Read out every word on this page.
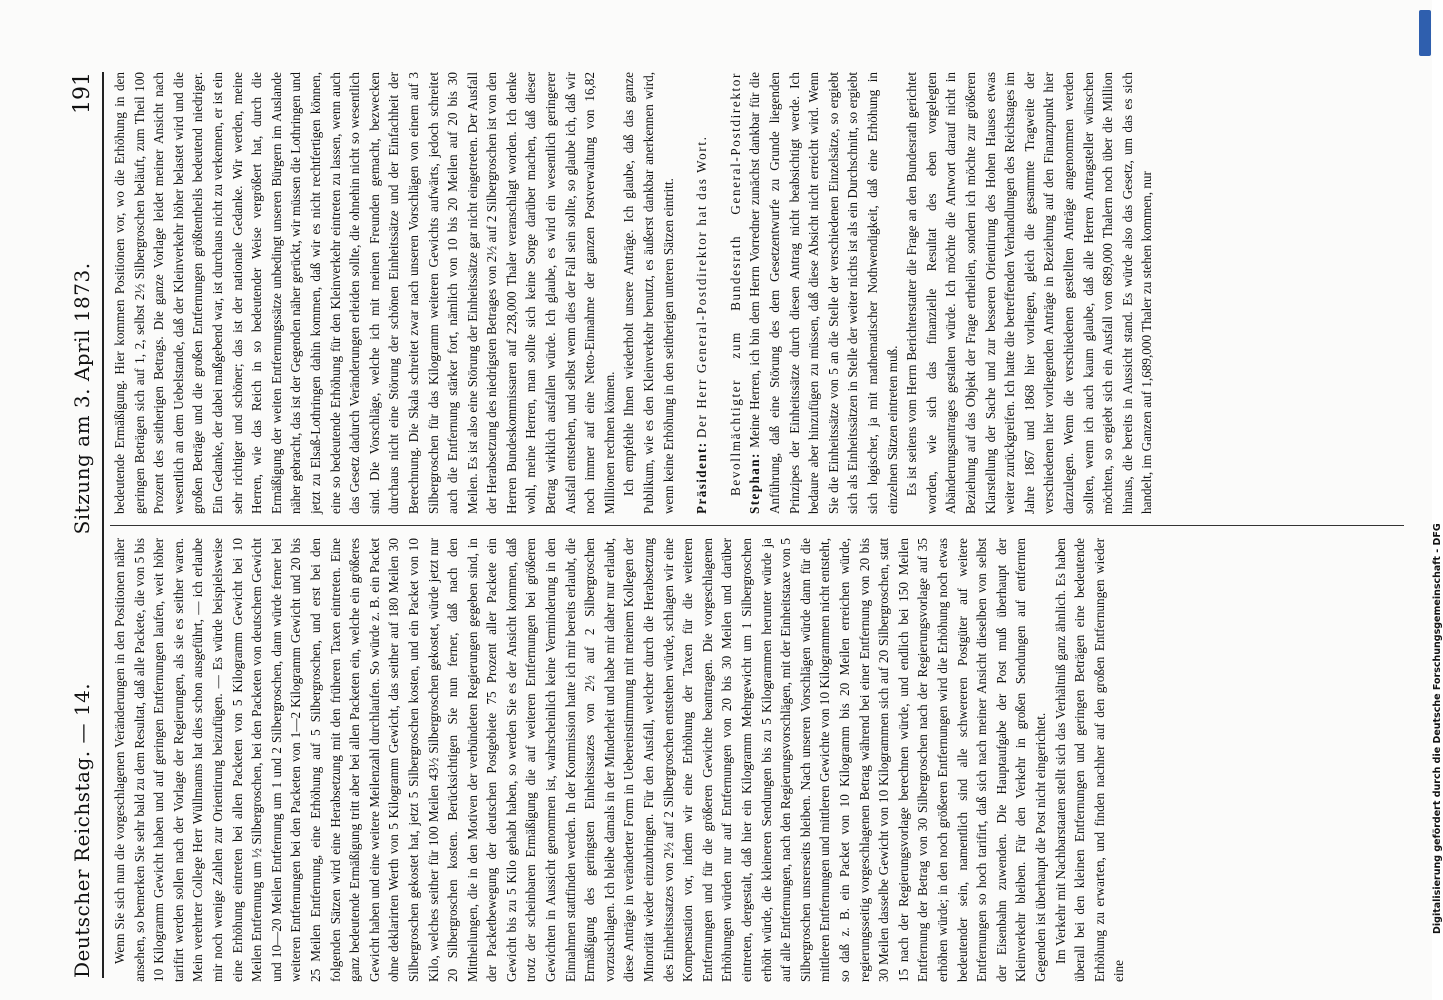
Deutscher Reichstag. — 14.
Sitzung am 3. April 1873.
191

Wenn Sie sich nun die vorgeschlagenen Veränderungen in den Positionen näher ansehen, so bemerken Sie sehr bald zu dem Resultat, daß alle Packete, die von 5 bis 10 Kilogramm Gewicht haben und auf geringen Entfernungen laufen, weit höher tarifirt werden sollen nach der Vorlage der Regierungen, als sie es seither waren. Mein verehrter College Herr Wüllmanns hat dies schon ausgeführt, — ich erlaube mir noch wenige Zahlen zur Orientirung beizufügen. — Es würde beispielsweise eine Erhöhung eintreten bei allen Packeten von 5 Kilogramm Gewicht bei 10 Meilen Entfernung um ½ Silbergroschen, bei den Packeten von deutschem Gewicht und 10—20 Meilen Entfernung um 1 und 2 Silbergroschen, dann würde ferner bei weiteren Entfernungen bei den Packeten von 1—2 Kilogramm Gewicht und 20 bis 25 Meilen Entfernung, eine Erhöhung auf 5 Silbergroschen, und erst bei den folgenden Sätzen wird eine Herabsetzung mit den früheren Taxen eintreten. Eine ganz bedeutende Ermäßigung tritt aber bei allen Packeten ein, welche ein größeres Gewicht haben und eine weitere Meilenzahl durchlaufen. So würde z. B. ein Packet ohne deklarirten Werth von 5 Kilogramm Gewicht, das seither auf 180 Meilen 30 Silbergroschen gekostet hat, jetzt 5 Silbergroschen kosten, und ein Packet von 10 Kilo, welches seither für 100 Meilen 43½ Silbergroschen gekostet, würde jetzt nur 20 Silbergroschen kosten. Berücksichtigen Sie nun ferner, daß nach den Mittheilungen, die in den Motiven der verbündeten Regierungen gegeben sind, in der Packetbewegung der deutschen Postgebiete 75 Prozent aller Packete ein Gewicht bis zu 5 Kilo gehabt haben, so werden Sie es der Ansicht kommen, daß trotz der scheinbaren Ermäßigung die auf weiteren Entfernungen bei größeren Gewichten in Aussicht genommen ist, wahrscheinlich keine Verminderung in den Einnahmen stattfinden werden. In der Kommission hatte ich mir bereits erlaubt, die Ermäßigung des geringsten Einheitssatzes von 2½ auf 2 Silbergroschen vorzuschlagen. Ich bleibe damals in der Minderheit und habe mir daher nur erlaubt, diese Anträge in veränderter Form in Uebereinstimmung mit meinem Kollegen der Minorität wieder einzubringen. Für den Ausfall, welcher durch die Herabsetzung des Einheitssatzes von 2½ auf 2 Silbergroschen entstehen würde, schlagen wir eine Kompensation vor, indem wir eine Erhöhung der Taxen für die weiteren Entfernungen und für die größeren Gewichte beantragen. Die vorgeschlagenen Erhöhungen würden nur auf Entfernungen von 20 bis 30 Meilen und darüber eintreten, dergestalt, daß hier ein Kilogramm Mehrgewicht um 1 Silbergroschen erhöht würde, die kleineren Sendungen bis zu 5 Kilogrammen herunter würde ja auf alle Entfernungen, nach den Regierungsvorschlägen, mit der Einheitstaxe von 5 Silbergroschen unsrerseits bleiben. Nach unseren Vorschlägen würde dann für die mittleren Entfernungen und mittleren Gewichte von 10 Kilogrammen nicht entsteht, so daß z. B. ein Packet von 10 Kilogramm bis 20 Meilen erreichen würde, regierungsseitig vorgeschlagenen Betrag während bei einer Entfernung von 20 bis 30 Meilen dasselbe Gewicht von 10 Kilogrammen sich auf 20 Silbergroschen, statt 15 nach der Regierungsvorlage berechnen würde, und endlich bei 150 Meilen Entfernung der Betrag von 30 Silbergroschen nach der Regierungsvorlage auf 35 erhöhen würde; in den noch größeren Entfernungen wird die Erhöhung noch etwas bedeutender sein, namentlich sind alle schwereren Postgüter auf weitere Entfernungen so hoch tarifirt, daß sich nach meiner Ansicht dieselben von selbst der Eisenbahn zuwenden. Die Hauptaufgabe der Post muß überhaupt der Kleinverkehr bleiben. Für den Verkehr in großen Sendungen auf entfernten Gegenden ist überhaupt die Post nicht eingerichtet. Im Verkehr mit Nachbarstaaten stellt sich das Verhältniß ganz ähnlich. Es haben überall bei den kleinen Entfernungen und geringen Beträgen eine bedeutende Erhöhung zu erwarten, und finden nachher auf den großen Entfernungen wieder eine

bedeutende Ermäßigung. Hier kommen Positionen vor, wo die Erhöhung in den geringen Beträgen sich auf 1, 2, selbst 2½ Silbergroschen beläuft, zum Theil 100 Prozent des seitherigen Betrags. Die ganze Vorlage leidet meiner Ansicht nach wesentlich an dem Uebelstande, daß der Kleinverkehr höher belastet wird und die großen Beträge und die großen Entfernungen größtentheils bedeutend niedriger. Ein Gedanke, der dabei maßgebend war, ist durchaus nicht zu verkennen, er ist ein sehr richtiger und schöner; das ist der nationale Gedanke. Wir werden, meine Herren, wie das Reich in so bedeutender Weise vergrößert hat, durch die Ermäßigung der weiten Entfernungssätze unbedingt unseren Bürgern im Auslande näher gebracht, das ist der Gegenden näher gerückt, wir müssen die Lothringen und jetzt zu Elsaß-Lothringen dahin kommen, daß wir es nicht rechtfertigen können, eine so bedeutende Erhöhung für den Kleinverkehr eintreten zu lassen, wenn auch das Gesetz dadurch Veränderungen erleiden sollte, die ohnehin nicht so wesentlich sind. Die Vorschläge, welche ich mit meinen Freunden gemacht, bezwecken durchaus nicht eine Störung der schönen Einheitssätze und der Einfachheit der Berechnung. Die Skala schreitet zwar nach unseren Vorschlägen von einem auf 3 Silbergroschen für das Kilogramm weiteren Gewichts aufwärts, jedoch schreitet auch die Entfernung stärker fort, nämlich von 10 bis 20 Meilen auf 20 bis 30 Meilen. Es ist also eine Störung der Einheitssätze gar nicht eingetreten. Der Ausfall der Herabsetzung des niedrigsten Betrages von 2½ auf 2 Silbergroschen ist von den Herren Bundeskommissaren auf 228,000 Thaler veranschlagt worden. Ich denke wohl, meine Herren, man sollte sich keine Sorge darüber machen, daß dieser Betrag wirklich ausfallen würde. Ich glaube, es wird ein wesentlich geringerer Ausfall entstehen, und selbst wenn dies der Fall sein sollte, so glaube ich, daß wir noch immer auf eine Netto-Einnahme der ganzen Postverwaltung von 16,82 Millionen rechnen können. Ich empfehle Ihnen wiederholt unsere Anträge. Ich glaube, daß das ganze Publikum, wie es den Kleinverkehr benutzt, es äußerst dankbar anerkennen wird, wenn keine Erhöhung in den seitherigen unteren Sätzen eintritt. Präsident: Der Herr General-Postdirektor hat das Wort. Bevollmächtigter zum Bundesrath General-Postdirektor Stephan: Meine Herren, ich bin dem Herrn Vorredner zunächst dankbar für die Anführung, daß eine Störung des dem Gesetzentwurfe zu Grunde liegenden Prinzipes der Einheitssätze durch diesen Antrag nicht beabsichtigt werde. Ich bedaure aber hinzufügen zu müssen, daß diese Absicht nicht erreicht wird. Wenn Sie die Einheitssätze von 5 an die Stelle der verschiedenen Einzelsätze, so ergiebt sich als Einheitssätzen in Stelle der weiter nichts ist als ein Durchschnitt, so ergiebt sich logischer, ja mit mathematischer Nothwendigkeit, daß eine Erhöhung in einzelnen Sätzen eintreten muß. Es ist seitens vom Herrn Berichterstatter die Frage an den Bundesrath gerichtet worden, wie sich das finanzielle Resultat des eben vorgelegten Abänderungsantrages gestalten würde. Ich möchte die Antwort darauf nicht in Beziehung auf das Objekt der Frage ertheilen, sondern ich möchte zur größeren Klarstellung der Sache und zur besseren Orientirung des Hohen Hauses etwas weiter zurückgreifen. Ich hatte die betreffenden Verhandlungen des Reichstages im Jahre 1867 und 1868 hier vorliegen, gleich die gesammte Tragweite der verschiedenen hier vorliegenden Anträge in Beziehung auf den Finanzpunkt hier darzulegen. Wenn die verschiedenen gestellten Anträge angenommen werden sollten, wenn ich auch kaum glaube, daß alle Herren Antragsteller wünschen möchten, so ergiebt sich ein Ausfall von 689,000 Thalern noch über die Million hinaus, die bereits in Aussicht stand. Es würde also das Gesetz, um das es sich handelt, im Ganzen auf 1,689,000 Thaler zu stehen kommen, nur

DFG
Digitalisierung gefördert durch die Deutsche Forschungsgemeinschaft - DFG
